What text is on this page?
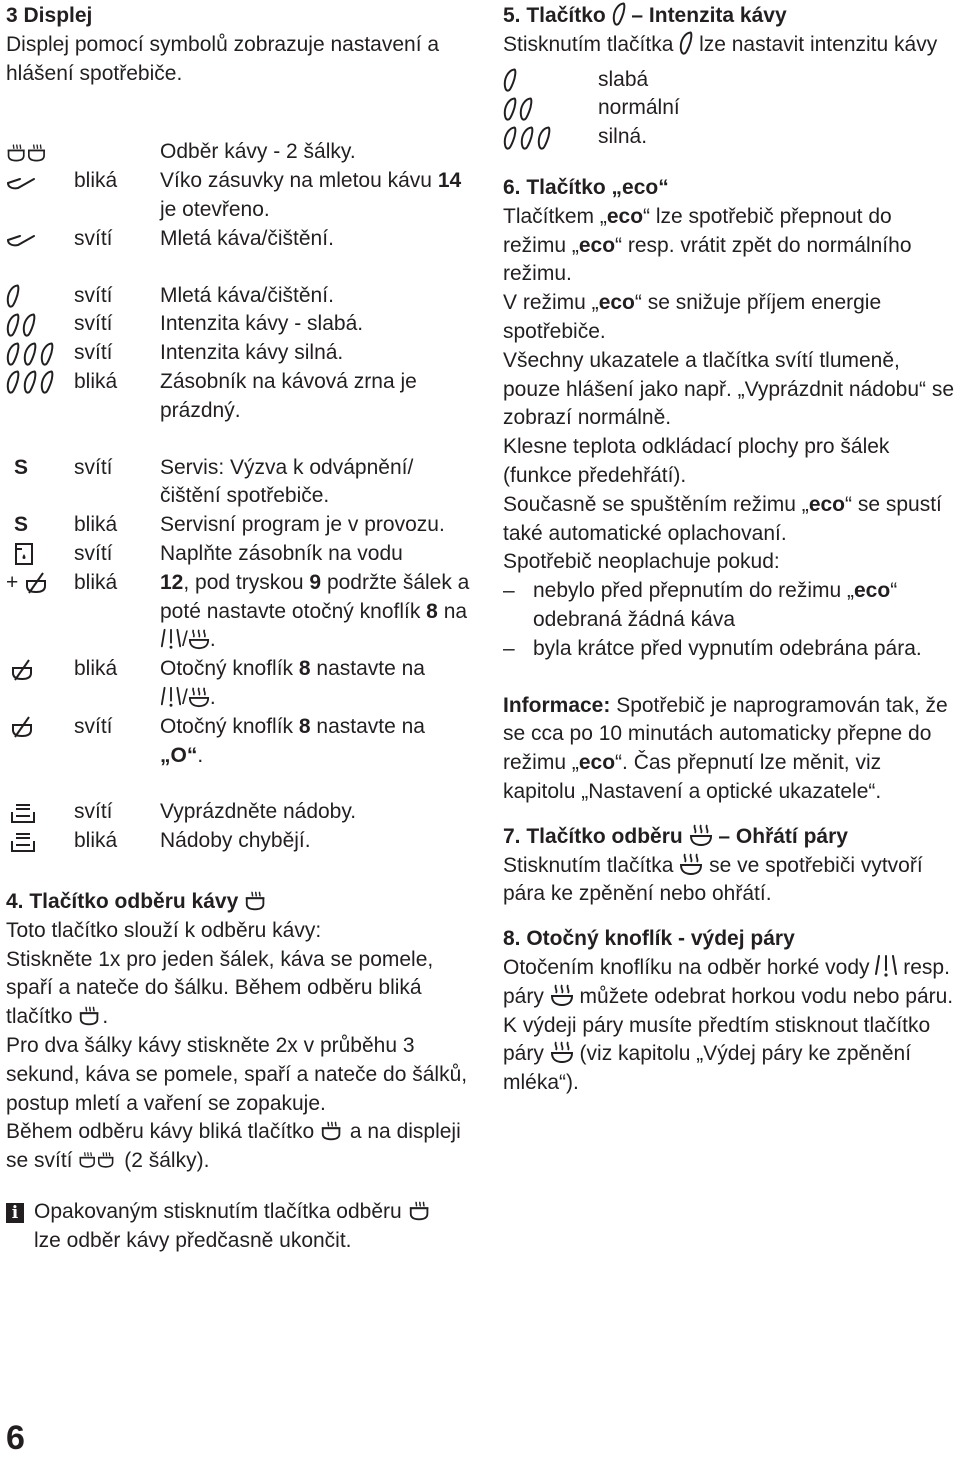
3 Displej

Displej pomocí symbolů zobrazuje nastavení a hlášení spotřebiče.

Odběr kávy - 2 šálky.
bliká	Víko zásuvky na mletou kávu 14 je otevřeno.
svítí	Mletá káva/čištění.
svítí	Mletá káva/čištění.
svítí	Intenzita kávy - slabá.
svítí	Intenzita kávy silná.
bliká	Zásobník na kávová zrna je prázdný.
S svítí	Servis: Výzva k odvápnění/ čištění spotřebiče.
S bliká	Servisní program je v provozu.
svítí	Naplňte zásobník na vodu
+	bliká	12, pod tryskou 9 podržte šálek a poté nastavte otočný knoflík 8 na
/ .
bliká	Otočný knoflík 8 nastavte na

/ .
svítí	Otočný knoflík 8 nastavte na
„O“.
svítí	Vyprázdněte nádoby.
bliká	Nádoby chybějí.
4. Tlačítko odběru kávy

Toto tlačítko slouží k odběru kávy:

Stiskněte 1x pro jeden šálek, káva se pomele, spaří a nateče do šálku. Během odběru bliká tlačítko .

Pro dva šálky kávy stiskněte 2x v průběhu 3 sekund, káva se pomele, spaří a nateče do šálků, postup mletí a vaření se zopakuje.

Během odběru kávy bliká tlačítko a na displeji se svítí (2 šálky).

i Opakovaným stisknutím tlačítka odběru

lze odběr kávy předčasně ukončit.
5. Tlačítko – Intenzita kávy

Stisknutím tlačítka lze nastavit intenzitu kávy

slabá
normální
silná.
6. Tlačítko „eco“

Tlačítkem „eco“ lze spotřebič přepnout do režimu „eco“ resp. vrátit zpět do normálního režimu.

V režimu „eco“ se snižuje příjem energie spotřebiče.

Všechny ukazatele a tlačítka svítí tlumeně, pouze hlášení jako např. „Vyprázdnit nádobu“ se zobrazí normálně.

Klesne teplota odkládací plochy pro šálek (funkce předehřátí).

Současně se spuštěním režimu „eco“ se spustí také automatické oplachovaní.

Spotřebič neoplachuje pokud:

– nebylo před přepnutím do režimu „eco“ odebraná žádná káva
– byla krátce před vypnutím odebrána pára.

Informace: Spotřebič je naprogramován tak, že se cca po 10 minutách automaticky přepne do režimu „eco“. Čas přepnutí lze měnit, viz kapitolu „Nastavení a optické ukazatele“.

7. Tlačítko odběru – Ohřátí páry

Stisknutím tlačítka se ve spotřebiči vytvoří pára ke zpěnění nebo ohřátí.

8. Otočný knoflík - výdej páry

Otočením knoflíku na odběr horké vody resp. páry můžete odebrat horkou vodu nebo páru. K výdeji páry musíte předtím stisknout tlačítko páry (viz kapitolu „Výdej páry ke zpěnění mléka“).

6
